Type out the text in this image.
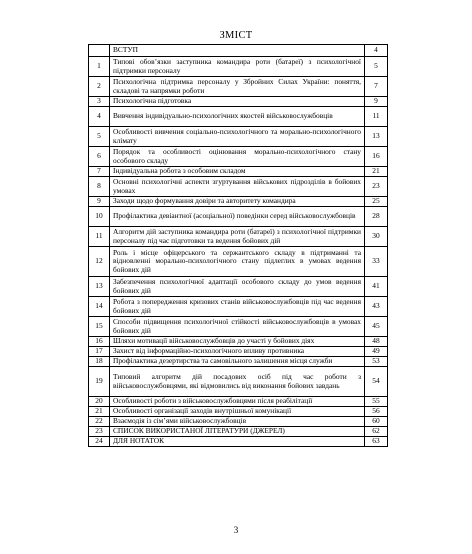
ЗМІСТ
	ВСТУП	4
1	Типові обов’язки заступника командира роти (батареї) з психологічної підтримки персоналу	5
2	Психологічна підтримка персоналу у Збройних Силах України: поняття, складові та напрямки роботи	7
3	Психологічна підготовка	9
4	Вивчення індивідуально-психологічних якостей військовослужбовців	11
5	Особливості вивчення соціально-психологічного та морально-психологічного клімату	13
6	Порядок та особливості оцінювання морально-психологічного стану особового складу	16
7	Індивідуальна робота з особовим складом	21
8	Основні психологічні аспекти згуртування військових підрозділів в бойових умовах	23
9	Заходи щодо формування довіри та авторитету командира	25
10	Профілактика девіантної (асоціальної) поведінки серед військовослужбовців	28
11	Алгоритм дій заступника командира роти (батареї) з психологічної підтримки персоналу під час підготовки та ведення бойових дій	30
12	Роль і місце офіцерського та сержантського складу в підтриманні та відновленні морально-психологічного стану підлеглих в умовах ведення бойових дій	33
13	Забезпечення психологічної адаптації особового складу до умов ведення бойових дій	41
14	Робота з попередження кризових станів військовослужбовців під час ведення бойових дій	43
15	Способи підвищення психологічної стійкості військовослужбовців в умовах бойових дій	45
16	Шляхи мотивації військовослужбовців до участі у бойових діях	48
17	Захист від інформаційно-психологічного впливу противника	49
18	Профілактика дезертирства та самовільного залишення місця служби	53
19	Типовий алгоритм дій посадових осіб під час роботи з військовослужбовцями, які відмовились від виконання бойових завдань	54
20	Особливості роботи з військовослужбовцями після реабілітації	55
21	Особливості організації заходів внутрішньої комунікації	56
22	Взаємодія із сім’ями військовослужбовців	60
23	СПИСОК ВИКОРИСТАНОЇ ЛІТЕРАТУРИ (ДЖЕРЕЛ)	62
24	ДЛЯ НОТАТОК	63
3
